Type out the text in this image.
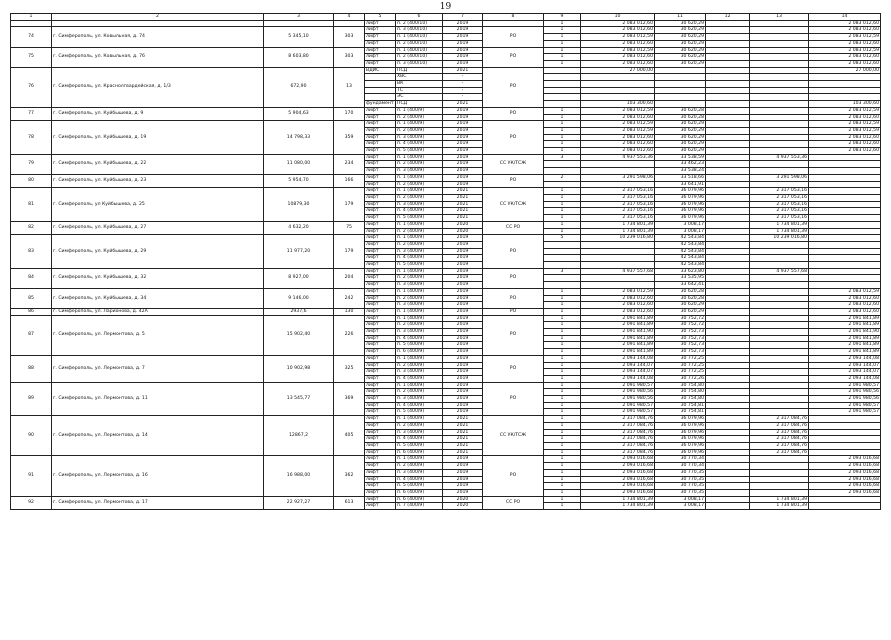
19
1	2	3	4	5	6	7	8	9	10	11	12	13	14
				лифт	п. 2 (400/10)	2019		1	2 083 012,60	30 620,29			2 083 012,60
74	г. Симферополь, ул. Ковыльная, д. 74	5 345,10	303	лифт	п. 3 (400/10)	2019	РО	1	2 083 012,60	30 620,29			2 083 012,60
				лифт	п. 1 (400/10)	2019		1	2 083 012,59	30 620,29			2 083 012,59
				лифт	п. 2 (400/10)	2019		1	2 083 012,60	30 620,29			2 083 012,60
75	г. Симферополь, ул. Ковыльная, д. 76	8 603,80	303	лифт	п. 1 (400/10)	2019	РО	1	2 083 012,59	30 620,29			2 083 012,59
				лифт	п. 2 (400/10)	2019		1	2 083 012,60	30 620,29			2 083 012,60
				лифт	п. 3 (400/10)	2019		1	2 083 012,60	30 620,29			2 083 012,60
76	г. Симферополь, ул. Краснолгвардейская, д. 1/3	672,90	13	ВДИС	ПСД	2021	РО		27 000,00				27 000,00
					ХВС	-							
					ВК	-							
					ТС	-							
					ЭС	-							
				фундамент	ПСД	2021			103 300,60				103 300,60
77	г. Симферополь, ул. Куйбышева, д. 9	5 904,63	170	лифт	п. 1 (400/9)	2019	РО	1	2 083 012,59	30 620,28			2 083 012,59
				лифт	п. 2 (400/9)	2019		1	2 083 012,60	30 620,28			2 083 012,60
78	г. Симферополь, ул. Куйбышева, д. 19	14 798,33	359	лифт	п. 1 (400/9)	2019	РО	1	2 083 012,59	30 620,29			2 083 012,59
				лифт	п. 2 (400/9)	2019		1	2 083 012,59	30 620,29			2 083 012,59
				лифт	п. 3 (400/9)	2019		1	2 083 012,60	30 620,29			2 083 012,60
				лифт	п. 4 (400/9)	2019		1	2 083 012,60	30 620,29			2 083 012,60
				лифт	п. 5 (400/9)	2019		1	2 083 012,60	30 620,29			2 083 012,60
79	г. Симферополь, ул. Куйбышева, д. 22	11 080,00	234	лифт	п. 1 (400/9)	2019	СС УК/ТСЖ	3	4 937 553,36	33 538,59		4 937 553,36	
				лифт	п. 2 (400/9)	2019				33 462,23			
				лифт	п. 3 (400/9)	2019				33 538,24			
80	г. Симферополь, ул. Куйбышева, д. 23	5 954,70	166	лифт	п. 1 (400/9)	2019	РО	2	3 291 598,06	33 518,66		3 291 598,06	
				лифт	п. 2 (400/9)	2019				33 641,91			
81	г. Симферополь, ул Куйбышева, д. 25	10879,30	179	лифт	п. 1 (400/9)	2021	СС УК/ТСЖ	1	2 317 053,16	36 079,96		2 317 053,16	
				лифт	п. 2 (400/9)	2021		1	2 317 053,16	36 079,96		2 317 053,16	
				лифт	п. 3 (400/9)	2021		1	2 317 053,16	36 079,96		2 317 053,16	
				лифт	п. 4 (400/9)	2021		1	2 317 053,16	36 079,96		2 317 053,16	
				лифт	п. 5 (400/9)	2021		1	2 317 053,16	36 079,96		2 317 053,16	
82	г. Симферополь, ул. Куйбышева, д. 27	4 632,20	75	лифт	п. 1 (400/9)	2020	СС РО	1	1 734 801,39	3 008,17		1 734 801,39	
				лифт	п. 2 (400/9)	2020		1	1 734 801,39	3 008,17		1 734 801,39	
83	г. Симферополь, ул. Куйбышева, д. 29	11 977,20	179	лифт	п. 1 (400/9)	2019	РО	5	10 239 016,80	42 543,84		10 239 016,80	
				лифт	п. 2 (400/9)	2019				42 543,84			
				лифт	п. 3 (400/9)	2019				42 543,84			
				лифт	п. 4 (400/9)	2019				42 543,84			
				лифт	п. 5 (400/9)	2019				42 543,84			
84	г. Симферополь, ул. Куйбышева, д. 32	8 927,00	204	лифт	п. 1 (400/9)	2019	РО	3	4 937 557,68	33 623,80		4 937 557,68	
				лифт	п. 2 (400/9)	2019				33 535,95			
				лифт	п. 3 (400/9)	2019				33 642,41			
85	г. Симферополь, ул. Куйбышева, д. 34	9 146,00	242	лифт	п. 1 (400/9)	2019	РО	1	2 083 012,59	30 620,28			2 083 012,59
				лифт	п. 2 (400/9)	2019		1	2 083 012,60	30 620,28			2 083 012,60
				лифт	п. 3 (400/9)	2019		1	2 083 012,60	30 620,29			2 083 012,60
86	г. Симферополь, ул. Ларионова, д. 42А	2937,6	130	лифт	п. 1 (400/9)	2019	РО	1	2 083 012,60	30 620,29			2 083 012,60
87	г. Симферополь, ул. Лермонтова, д. 5	15 902,40	226	лифт	п. 1 (400/9)	2019	РО	1	2 091 841,89	30 752,72			2 091 841,89
				лифт	п. 2 (400/9)	2019		1	2 091 841,89	30 752,72			2 091 841,89
				лифт	п. 3 (400/9)	2019		1	2 091 841,90	30 752,73			2 091 841,90
				лифт	п. 4 (400/9)	2019		1	2 091 841,89	30 752,73			2 091 841,89
				лифт	п. 5 (400/9)	2019		1	2 091 841,89	30 752,73			2 091 841,89
				лифт	п. 6 (400/9)	2019		1	2 091 841,89	30 752,73			2 091 841,89
88	г. Симферополь, ул. Лермонтова, д. 7	10 902,98	325	лифт	п. 1 (400/9)	2019	РО	1	2 093 144,08	30 772,25			2 093 144,08
				лифт	п. 2 (400/9)	2019		1	2 093 144,07	30 772,25			2 093 144,07
				лифт	п. 3 (400/9)	2019		1	2 093 144,07	30 772,25			2 093 144,07
				лифт	п. 4 (400/9)	2019		1	2 093 144,08	30 772,26			2 093 144,08
89	г. Симферополь, ул. Лермонтова, д. 11	13 545,77	369	лифт	п. 1 (400/9)	2019	РО	1	2 091 980,57	30 754,80			2 091 980,57
				лифт	п. 2 (400/9)	2019		1	2 091 980,56	30 754,80			2 091 980,56
				лифт	п. 3 (400/9)	2019		1	2 091 980,56	30 754,80			2 091 980,56
				лифт	п. 4 (400/9)	2019		1	2 091 980,57	30 754,81			2 091 980,57
				лифт	п. 5 (400/9)	2019		1	2 091 980,57	30 754,81			2 091 980,57
90	г. Симферополь, ул. Лермонтова, д. 14	12867,2	405	лифт	п. 1 (400/9)	2021	СС УК/ТСЖ	1	2 317 084,76	36 079,96		2 317 084,76	
				лифт	п. 2 (400/9)	2021		1	2 317 084,76	36 079,96		2 317 084,76	
				лифт	п. 3 (400/9)	2021		1	2 317 084,76	36 079,96		2 317 084,76	
				лифт	п. 4 (400/9)	2021		1	2 317 084,76	36 079,96		2 317 084,76	
				лифт	п. 5 (400/9)	2021		1	2 317 084,76	36 079,96		2 317 084,76	
				лифт	п. 6 (400/9)	2021		1	2 317 084,76	36 079,96		2 317 084,76	
91	г. Симферополь, ул. Лермонтова, д. 16	16 988,00	362	лифт	п. 1 (400/9)	2019	РО	1	2 093 016,68	30 770,34			2 093 016,68
				лифт	п. 2 (400/9)	2019		1	2 093 016,68	30 770,34			2 093 016,68
				лифт	п. 3 (400/9)	2019		1	2 093 016,68	30 770,35			2 093 016,68
				лифт	п. 4 (400/9)	2019		1	2 093 016,68	30 770,35			2 093 016,68
				лифт	п. 5 (400/9)	2019		1	2 093 016,68	30 770,35			2 093 016,68
				лифт	п. 6 (400/9)	2019		1	2 093 016,68	30 770,35			2 093 016,68
92	г. Симферополь, ул. Лермонтова, д. 17	22 927,27	613	лифт	п. 6 (400/9)	2020	СС РО	1	1 734 801,39	3 008,17		1 734 801,39	
				лифт	п. 7 (400/9)	2020		1	1 734 801,39	3 008,17		1 734 801,39	
